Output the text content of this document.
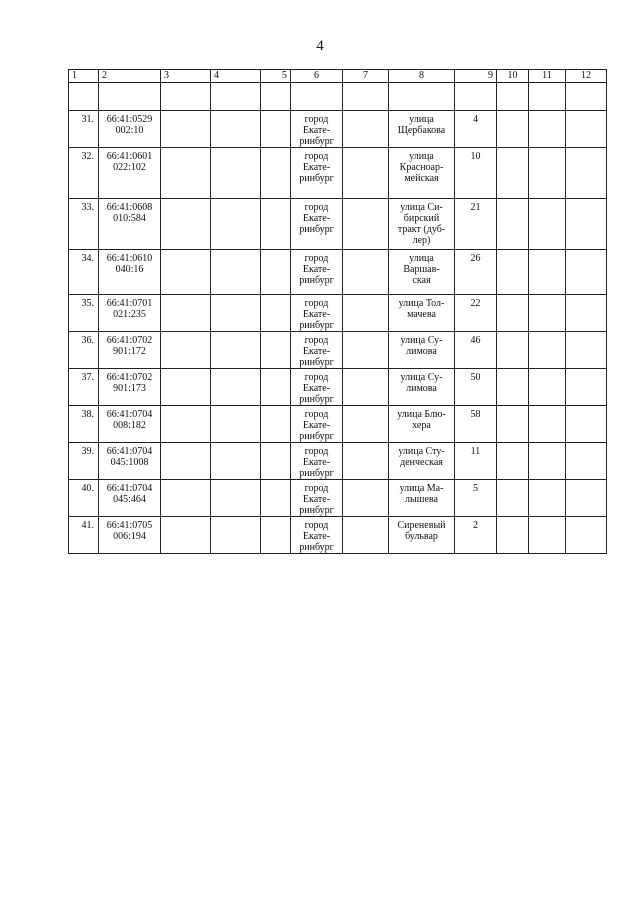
4
1	2	3	4	5	6	7	8	9	10	11	12

31.	66:41:0529
002:10				город
Екате-
ринбург		улица
Щербакова	4			

32.	66:41:0601
022:102				город
Екате-
ринбург		улица
Красноар-
мейская	10			

33.	66:41:0608
010:584				город
Екате-
ринбург		улица Си-
бирский
тракт (дуб-
лер)	21			

34.	66:41:0610
040:16				город
Екате-
ринбург		улица
Варшав-
ская	26			

35.	66:41:0701
021:235				город
Екате-
ринбург		улица Тол-
мачева	22			

36.	66:41:0702
901:172				город
Екате-
ринбург		улица Су-
лимова	46			

37.	66:41:0702
901:173				город
Екате-
ринбург		улица Су-
лимова	50			

38.	66:41:0704
008:182				город
Екате-
ринбург		улица Блю-
хера	58			

39.	66:41:0704
045:1008				город
Екате-
ринбург		улица Сту-
денческая	11			

40.	66:41:0704
045:464				город
Екате-
ринбург		улица Ма-
лышева	5			

41.	66:41:0705
006:194				город
Екате-
ринбург		Сиреневый
бульвар	2			
